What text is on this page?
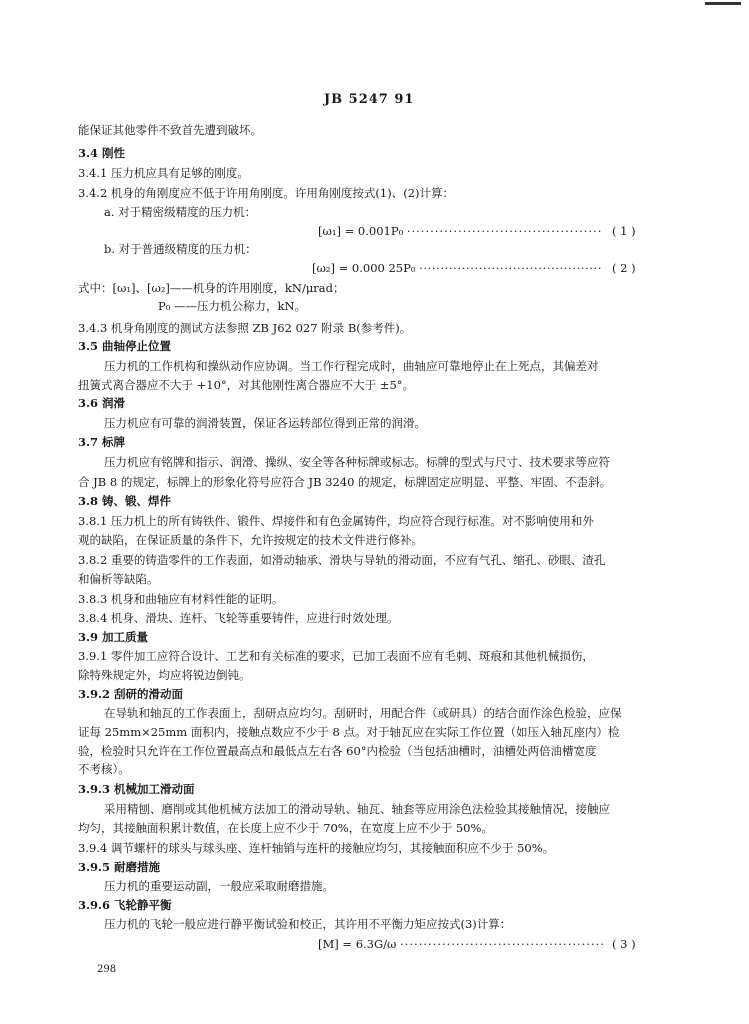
JB 5247 91
能保证其他零件不致首先遭到破坏。
3.4 刚性
3.4.1 压力机应具有足够的刚度。
3.4.2 机身的角刚度应不低于许用角刚度。许用角刚度按式(1)、(2)计算：
a. 对于精密级精度的压力机：
[ω₁] = 0.001P₀ ·········································· ( 1 )
b. 对于普通级精度的压力机：
[ω₂] = 0.000 25P₀ ··········································· ( 2 )
式中：[ω₁]、[ω₂]——机身的许用刚度，kN/μrad；
P₀ ——压力机公称力，kN。
3.4.3 机身角刚度的测试方法参照 ZB J62 027 附录 B(参考件)。
3.5 曲轴停止位置
压力机的工作机构和操纵动作应协调。当工作行程完成时，曲轴应可靠地停止在上死点，其偏差对
扭簧式离合器应不大于 +10°，对其他刚性离合器应不大于 ±5°。
3.6 润滑
压力机应有可靠的润滑装置，保证各运转部位得到正常的润滑。
3.7 标牌
压力机应有铭牌和指示、润滑、操纵、安全等各种标牌或标志。标牌的型式与尺寸、技术要求等应符
合 JB 8 的规定，标牌上的形象化符号应符合 JB 3240 的规定，标牌固定应明显、平整、牢固、不歪斜。
3.8 铸、锻、焊件
3.8.1 压力机上的所有铸铁件、锻件、焊接件和有色金属铸件，均应符合现行标准。对不影响使用和外
观的缺陷，在保证质量的条件下，允许按规定的技术文件进行修补。
3.8.2 重要的铸造零件的工作表面，如滑动轴承、滑块与导轨的滑动面，不应有气孔、缩孔、砂眼、渣孔
和偏析等缺陷。
3.8.3 机身和曲轴应有材料性能的证明。
3.8.4 机身、滑块、连杆、飞轮等重要铸件，应进行时效处理。
3.9 加工质量
3.9.1 零件加工应符合设计、工艺和有关标准的要求，已加工表面不应有毛刺、斑痕和其他机械损伤，
除特殊规定外，均应将锐边倒钝。
3.9.2 刮研的滑动面
在导轨和轴瓦的工作表面上，刮研点应均匀。刮研时，用配合件（或研具）的结合面作涂色检验，应保
证每 25mm×25mm 面积内，接触点数应不少于 8 点。对于轴瓦应在实际工作位置（如压入轴瓦座内）检
验，检验时只允许在工作位置最高点和最低点左右各 60°内检验（当包括油槽时，油槽处两倍油槽宽度
不考核）。
3.9.3 机械加工滑动面
采用精刨、磨削或其他机械方法加工的滑动导轨、轴瓦、轴套等应用涂色法检验其接触情况，接触应
均匀，其接触面积累计数值，在长度上应不少于 70%，在宽度上应不少于 50%。
3.9.4 调节螺杆的球头与球头座、连杆轴销与连杆的接触应均匀，其接触面积应不少于 50%。
3.9.5 耐磨措施
压力机的重要运动副，一般应采取耐磨措施。
3.9.6 飞轮静平衡
压力机的飞轮一般应进行静平衡试验和校正，其许用不平衡力矩应按式(3)计算：
[M] = 6.3G/ω ············································ ( 3 )
298
